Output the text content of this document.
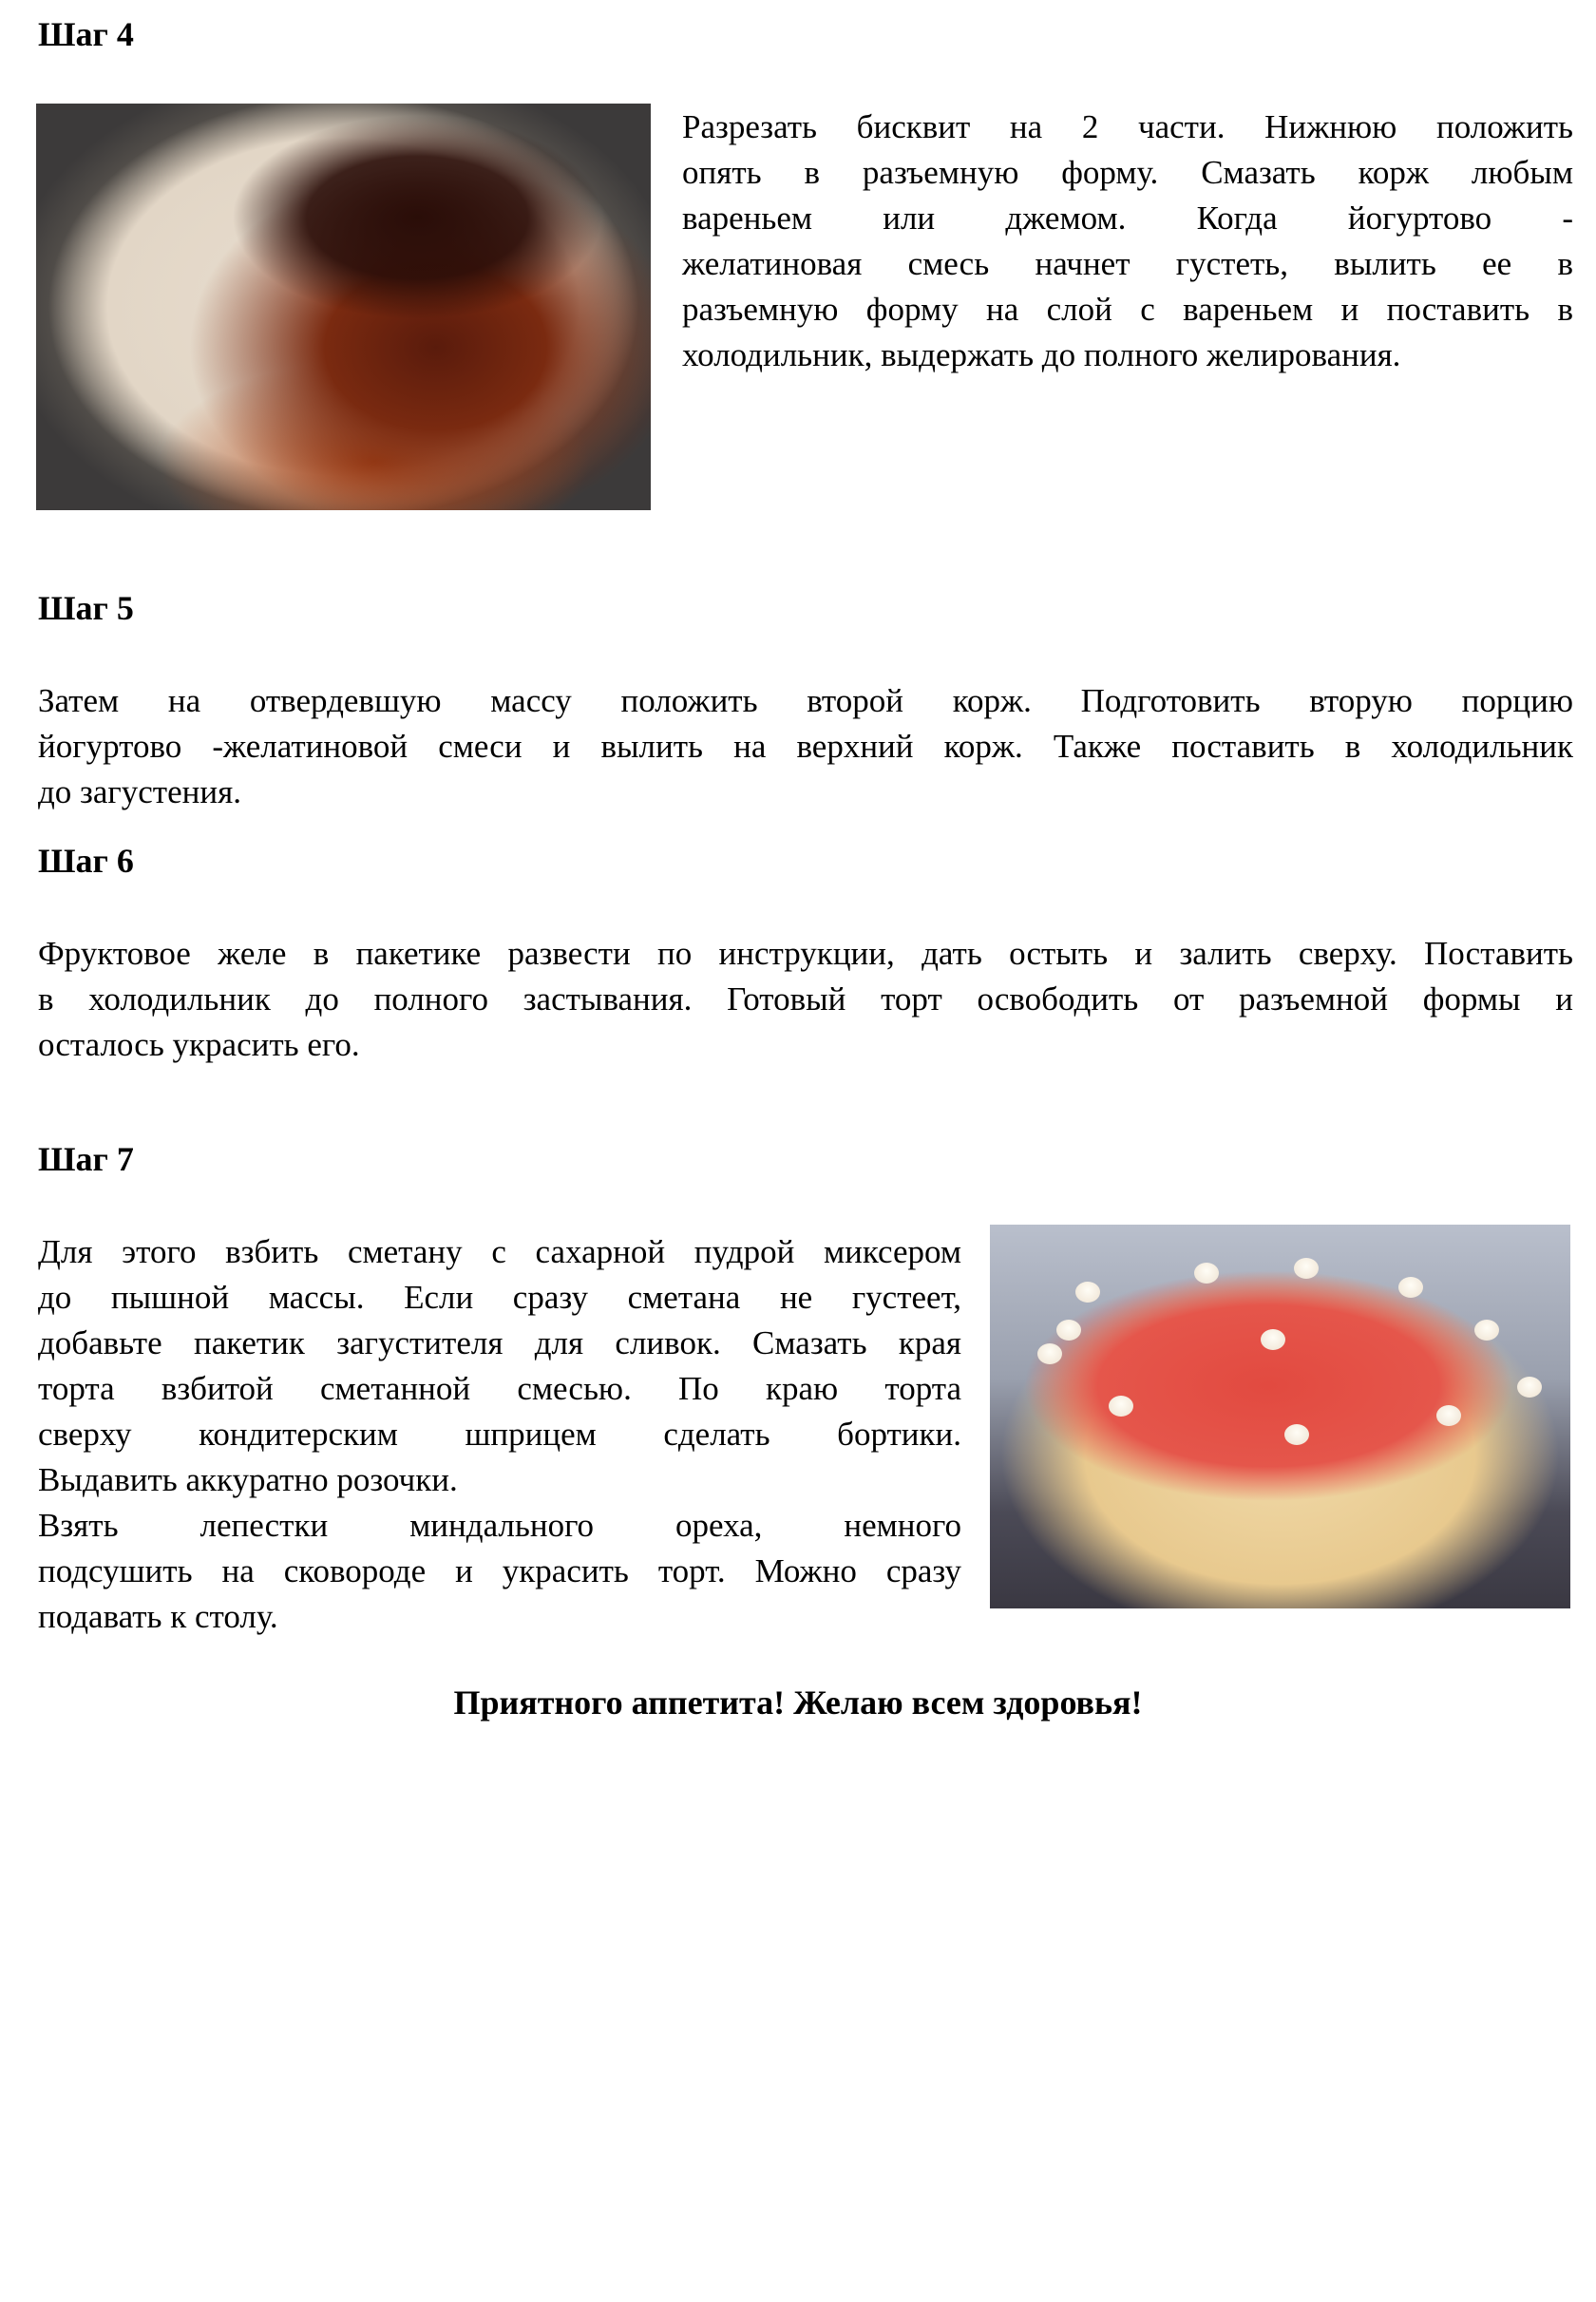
Шаг 4
Разрезать бисквит на 2 части. Нижнюю положить
опять в разъемную форму. Смазать корж любым
вареньем или джемом. Когда йогуртово -
желатиновая смесь начнет густеть, вылить ее в
разъемную форму на слой с вареньем и поставить в
холодильник, выдержать до полного желирования.
Шаг 5
Затем на отвердевшую массу положить второй корж. Подготовить вторую порцию
йогуртово -желатиновой смеси и вылить на верхний корж. Также поставить в холодильник
до загустения.
Шаг 6
Фруктовое желе в пакетике развести по инструкции, дать остыть и залить сверху. Поставить
в холодильник до полного застывания. Готовый торт освободить от разъемной формы и
осталось украсить его.
Шаг 7
Для этого взбить сметану с сахарной пудрой миксером
до пышной массы. Если сразу сметана не густеет,
добавьте пакетик загустителя для сливок. Смазать края
торта взбитой сметанной смесью. По краю торта
сверху кондитерским шприцем сделать бортики.
Выдавить аккуратно розочки.
Взять лепестки миндального ореха, немного
подсушить на сковороде и украсить торт. Можно сразу
подавать к столу.

Приятного аппетита! Желаю всем здоровья!
